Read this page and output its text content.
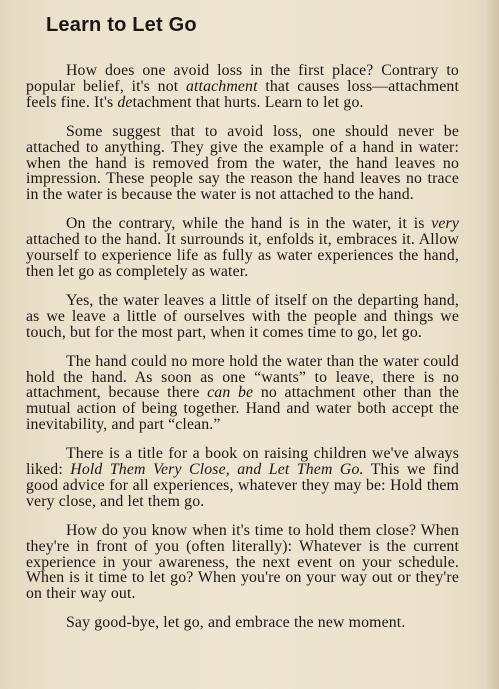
Learn to Let Go

How does one avoid loss in the first place? Contrary to popular belief, it's not attachment that causes loss—attachment feels fine. It's detachment that hurts. Learn to let go.

Some suggest that to avoid loss, one should never be attached to anything. They give the example of a hand in water: when the hand is removed from the water, the hand leaves no impression. These people say the reason the hand leaves no trace in the water is because the water is not attached to the hand.

On the contrary, while the hand is in the water, it is very attached to the hand. It surrounds it, enfolds it, embraces it. Allow yourself to experience life as fully as water experiences the hand, then let go as completely as water.

Yes, the water leaves a little of itself on the departing hand, as we leave a little of ourselves with the people and things we touch, but for the most part, when it comes time to go, let go.

The hand could no more hold the water than the water could hold the hand. As soon as one “wants” to leave, there is no attachment, because there can be no attachment other than the mutual action of being together. Hand and water both accept the inevitability, and part “clean.”

There is a title for a book on raising children we've always liked: Hold Them Very Close, and Let Them Go. This we find good advice for all experiences, whatever they may be: Hold them very close, and let them go.

How do you know when it's time to hold them close? When they're in front of you (often literally): Whatever is the current experience in your awareness, the next event on your schedule. When is it time to let go? When you're on your way out or they're on their way out.

Say good-bye, let go, and embrace the new moment.
